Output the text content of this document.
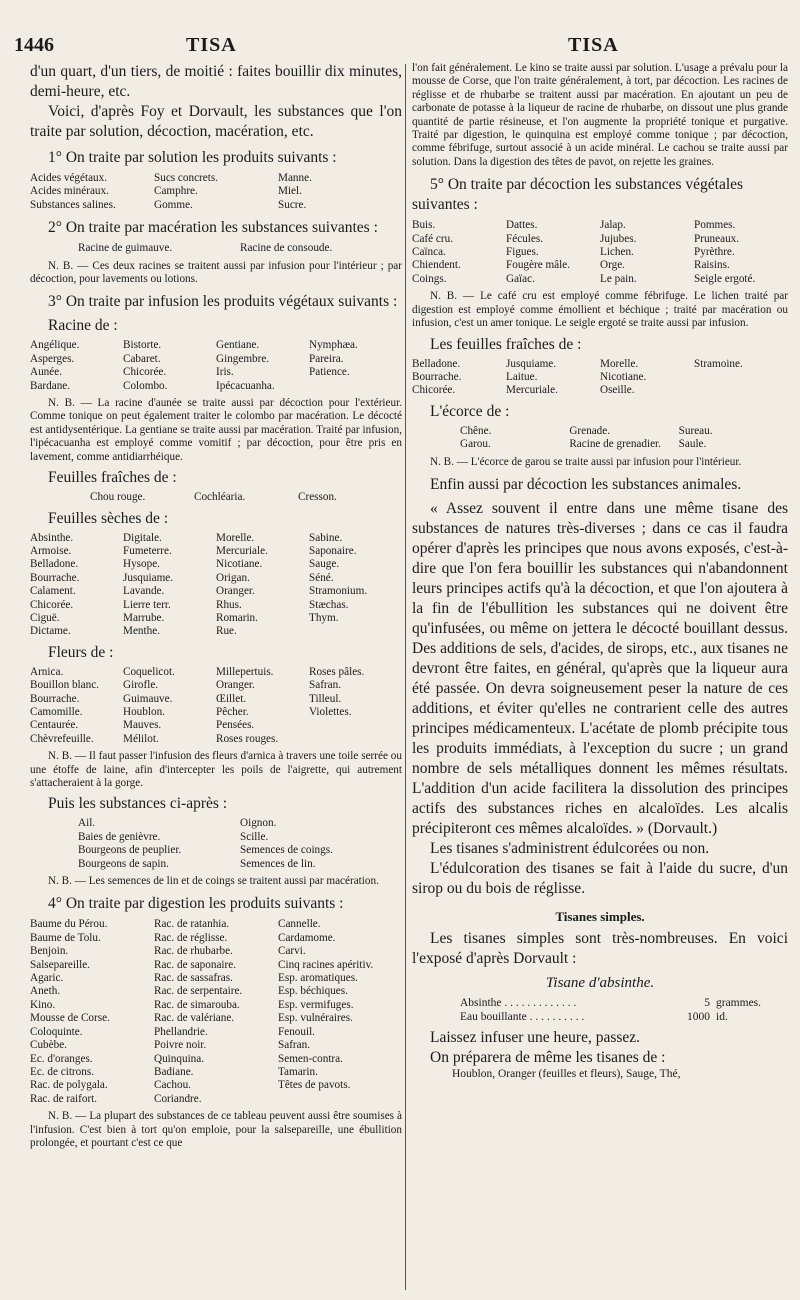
1446	TISA	TISA

d'un quart, d'un tiers, de moitié : faites bouillir dix minutes, demi-heure, etc.

Voici, d'après Foy et Dorvault, les substances que l'on traite par solution, décoction, macération, etc.

1° On traite par solution les produits suivants :
Acides végétaux.	Sucs concrets.	Manne.
Acides minéraux.	Camphre.	Miel.
Substances salines.	Gomme.	Sucre.
2° On traite par macération les substances suivantes :
Racine de guimauve.	Racine de consoude.

N. B. — Ces deux racines se traitent aussi par infusion pour l'intérieur ; par décoction, pour lavements ou lotions.

3° On traite par infusion les produits végétaux suivants :
Racine de :
Angélique.	Bistorte.	Gentiane.	Nymphæa.
Asperges.	Cabaret.	Gingembre.	Pareira.
Aunée.	Chicorée.	Iris.	Patience.
Bardane.	Colombo.	Ipécacuanha.

N. B. — La racine d'aunée se traite aussi par décoction pour l'extérieur. Comme tonique on peut également traiter le colombo par macération. Le décocté est antidysentérique. La gentiane se traite aussi par macération. Traité par infusion, l'ipécacuanha est employé comme vomitif ; par décoction, pour être pris en lavement, comme antidiarrhéique.

Feuilles fraîches de :
Chou rouge.	Cochléaria.	Cresson.
Feuilles sèches de :
Absinthe.	Digitale.	Morelle.	Sabine.
Armoise.	Fumeterre.	Mercuriale.	Saponaire.
Belladone.	Hysope.	Nicotiane.	Sauge.
Bourrache.	Jusquiame.	Origan.	Séné.
Calament.	Lavande.	Oranger.	Stramonium.
Chicorée.	Lierre terr.	Rhus.	Stæchas.
Ciguë.	Marrube.	Romarin.	Thym.
Dictame.	Menthe.	Rue.
Fleurs de :
Arnica.	Coquelicot.	Millepertuis.	Roses pâles.
Bouillon blanc.	Girofle.	Oranger.	Safran.
Bourrache.	Guimauve.	Œillet.	Tilleul.
Camomille.	Houblon.	Pêcher.	Violettes.
Centaurée.	Mauves.	Pensées.
Chèvrefeuille.	Mélilot.	Roses rouges.

N. B. — Il faut passer l'infusion des fleurs d'arnica à travers une toile serrée ou une étoffe de laine, afin d'intercepter les poils de l'aigrette, qui autrement s'attacheraient à la gorge.

Puis les substances ci-après :
Ail.	Oignon.
Baies de genièvre.	Scille.
Bourgeons de peuplier.	Semences de coings.
Bourgeons de sapin.	Semences de lin.

N. B. — Les semences de lin et de coings se traitent aussi par macération.

4° On traite par digestion les produits suivants :
Baume du Pérou.	Rac. de ratanhia.	Cannelle.
Baume de Tolu.	Rac. de réglisse.	Cardamome.
Benjoin.	Rac. de rhubarbe.	Carvi.
Salsepareille.	Rac. de saponaire.	Cinq racines apéritiv.
Agaric.	Rac. de sassafras.	Esp. aromatiques.
Aneth.	Rac. de serpentaire.	Esp. béchiques.
Kino.	Rac. de simarouba.	Esp. vermifuges.
Mousse de Corse.	Rac. de valériane.	Esp. vulnéraires.
Coloquinte.	Phellandrie.	Fenouil.
Cubèbe.	Poivre noir.	Safran.
Ec. d'oranges.	Quinquina.	Semen-contra.
Ec. de citrons.	Badiane.	Tamarin.
Rac. de polygala.	Cachou.	Têtes de pavots.
Rac. de raifort.	Coriandre.

N. B. — La plupart des substances de ce tableau peuvent aussi être soumises à l'infusion. C'est bien à tort qu'on emploie, pour la salsepareille, une ébullition prolongée, et pourtant c'est ce que

l'on fait généralement. Le kino se traite aussi par solution. L'usage a prévalu pour la mousse de Corse, que l'on traite généralement, à tort, par décoction. Les racines de réglisse et de rhubarbe se traitent aussi par macération. En ajoutant un peu de carbonate de potasse à la liqueur de racine de rhubarbe, on dissout une plus grande quantité de partie résineuse, et l'on augmente la propriété tonique et purgative. Traité par digestion, le quinquina est employé comme tonique ; par décoction, comme fébrifuge, surtout associé à un acide minéral. Le cachou se traite aussi par solution. Dans la digestion des têtes de pavot, on rejette les graines.

5° On traite par décoction les substances végétales suivantes :
Buis.	Dattes.	Jalap.	Pommes.
Café cru.	Fécules.	Jujubes.	Pruneaux.
Caïnca.	Figues.	Lichen.	Pyrèthre.
Chiendent.	Fougère mâle.	Orge.	Raisins.
Coings.	Gaïac.	Le pain.	Seigle ergoté.

N. B. — Le café cru est employé comme fébrifuge. Le lichen traité par digestion est employé comme émollient et béchique ; traité par macération ou infusion, c'est un amer tonique. Le seigle ergoté se traite aussi par infusion.

Les feuilles fraîches de :
Belladone.	Jusquiame.	Morelle.	Stramoine.
Bourrache.	Laitue.	Nicotiane.
Chicorée.	Mercuriale.	Oseille.
L'écorce de :
Chêne.	Grenade.	Sureau.
Garou.	Racine de grenadier.	Saule.

N. B. — L'écorce de garou se traite aussi par infusion pour l'intérieur.

Enfin aussi par décoction les substances animales.

« Assez souvent il entre dans une même tisane des substances de natures très-diverses ; dans ce cas il faudra opérer d'après les principes que nous avons exposés, c'est-à-dire que l'on fera bouillir les substances qui n'abandonnent leurs principes actifs qu'à la décoction, et que l'on ajoutera à la fin de l'ébullition les substances qui ne doivent être qu'infusées, ou même on jettera le décocté bouillant dessus. Des additions de sels, d'acides, de sirops, etc., aux tisanes ne devront être faites, en général, qu'après que la liqueur aura été passée. On devra soigneusement peser la nature de ces additions, et éviter qu'elles ne contrarient celle des autres principes médicamenteux. L'acétate de plomb précipite tous les produits immédiats, à l'exception du sucre ; un grand nombre de sels métalliques donnent les mêmes résultats. L'addition d'un acide facilitera la dissolution des principes actifs des substances riches en alcaloïdes. Les alcalis précipiteront ces mêmes alcaloïdes. » (Dorvault.)

Les tisanes s'administrent édulcorées ou non.

L'édulcoration des tisanes se fait à l'aide du sucre, d'un sirop ou du bois de réglisse.

Tisanes simples.

Les tisanes simples sont très-nombreuses. En voici l'exposé d'après Dorvault :

Tisane d'absinthe.
Absinthe . . . . . . . . . . . . .	5 grammes.
Eau bouillante . . . . . . . . . .	1000 id.

Laissez infuser une heure, passez.

On préparera de même les tisanes de :

Houblon, Oranger (feuilles et fleurs), Sauge, Thé,
